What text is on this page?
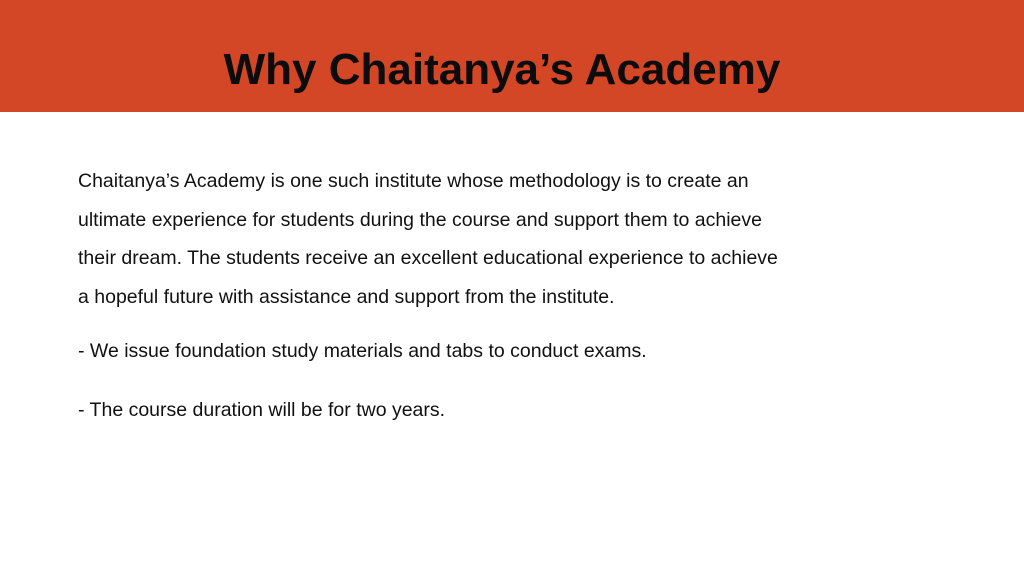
Why Chaitanya’s Academy

Chaitanya’s Academy is one such institute whose methodology is to create an ultimate experience for students during the course and support them to achieve their dream. The students receive an excellent educational experience to achieve a hopeful future with assistance and support from the institute.

- We issue foundation study materials and tabs to conduct exams.

- The course duration will be for two years.
